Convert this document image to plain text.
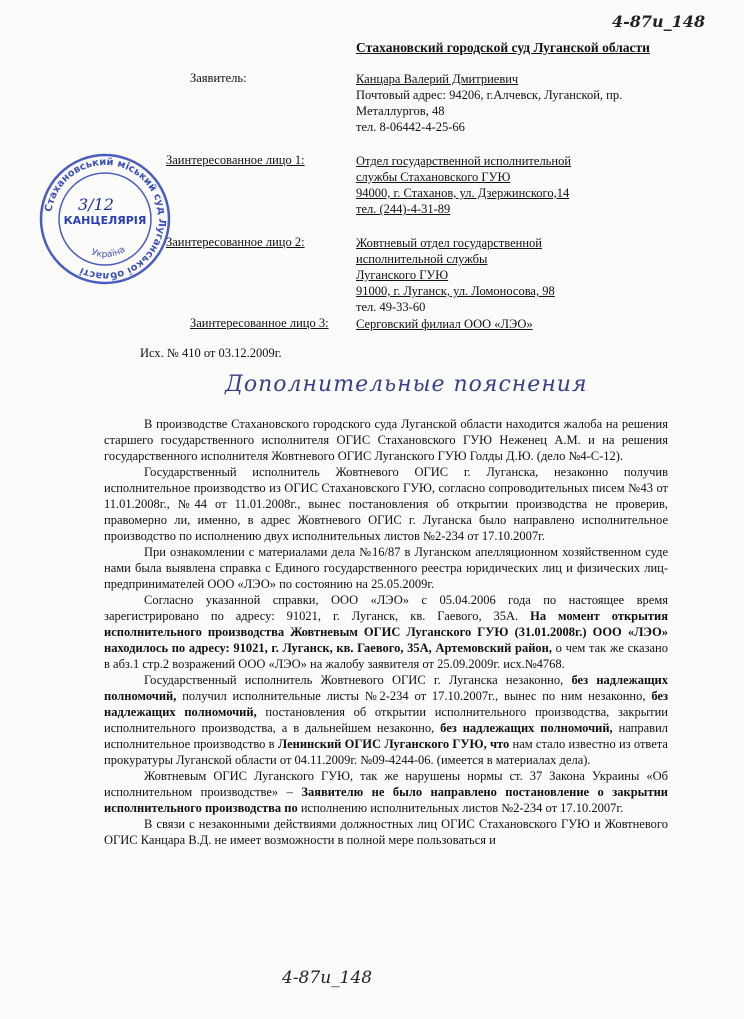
4-87и_148
Стахановский городской суд Луганской области
Заявитель:	Канцара Валерий Дмитриевич
Почтовый адрес: 94206, г.Алчевск, Луганской, пр.
Металлургов, 48
тел. 8-06442-4-25-66
Заинтересованное лицо 1:	Отдел государственной исполнительной
службы Стахановского ГУЮ
94000, г. Стаханов, ул. Дзержинского,14
тел. (244)-4-31-89
Заинтересованное лицо 2:	Жовтневый отдел государственной
исполнительной службы
Луганского ГУЮ
91000, г. Луганск, ул. Ломоносова, 98
тел. 49-33-60
Заинтересованное лицо 3: Серговский филиал ООО «ЛЭО»
Стахановський міський суд Луганської області
Україна
КАНЦЕЛЯРІЯ
3/12
Исх. № 410 от 03.12.2009г.
Дополнительные пояснения

В производстве Стахановского городского суда Луганской области находится жалоба на решения старшего государственного исполнителя ОГИС Стахановского ГУЮ Неженец А.М. и на решения государственного исполнителя Жовтневого ОГИС Луганского ГУЮ Голды Д.Ю. (дело №4-С-12).

Государственный исполнитель Жовтневого ОГИС г. Луганска, незаконно получив исполнительное производство из ОГИС Стахановского ГУЮ, согласно сопроводительных писем №43 от 11.01.2008г., №44 от 11.01.2008г., вынес постановления об открытии производства не проверив, правомерно ли, именно, в адрес Жовтневого ОГИС г. Луганска было направлено исполнительное производство по исполнению двух исполнительных листов №2-234 от 17.10.2007г.

При ознакомлении с материалами дела №16/87 в Луганском апелляционном хозяйственном суде нами была выявлена справка с Единого государственного реестра юридических лиц и физических лиц-предпринимателей ООО «ЛЭО» по состоянию на 25.05.2009г.

Согласно указанной справки, ООО «ЛЭО» с 05.04.2006 года по настоящее время зарегистрировано по адресу: 91021, г. Луганск, кв. Гаевого, 35А. На момент открытия исполнительного производства Жовтневым ОГИС Луганского ГУЮ (31.01.2008г.) ООО «ЛЭО» находилось по адресу: 91021, г. Луганск, кв. Гаевого, 35А, Артемовский район, о чем так же сказано в абз.1 стр.2 возражений ООО «ЛЭО» на жалобу заявителя от 25.09.2009г. исх.№4768.

Государственный исполнитель Жовтневого ОГИС г. Луганска незаконно, без надлежащих полномочий, получил исполнительные листы №2-234 от 17.10.2007г., вынес по ним незаконно, без надлежащих полномочий, постановления об открытии исполнительного производства, закрытии исполнительного производства, а в дальнейшем незаконно, без надлежащих полномочий, направил исполнительное производство в Ленинский ОГИС Луганского ГУЮ, что нам стало известно из ответа прокуратуры Луганской области от 04.11.2009г. №09-4244-06. (имеется в материалах дела).

Жовтневым ОГИС Луганского ГУЮ, так же нарушены нормы ст. 37 Закона Украины «Об исполнительном производстве» – Заявителю не было направлено постановление о закрытии исполнительного производства по исполнению исполнительных листов №2-234 от 17.10.2007г.

В связи с незаконными действиями должностных лиц ОГИС Стахановского ГУЮ и Жовтневого ОГИС Канцара В.Д. не имеет возможности в полной мере пользоваться и

4-87и_148
